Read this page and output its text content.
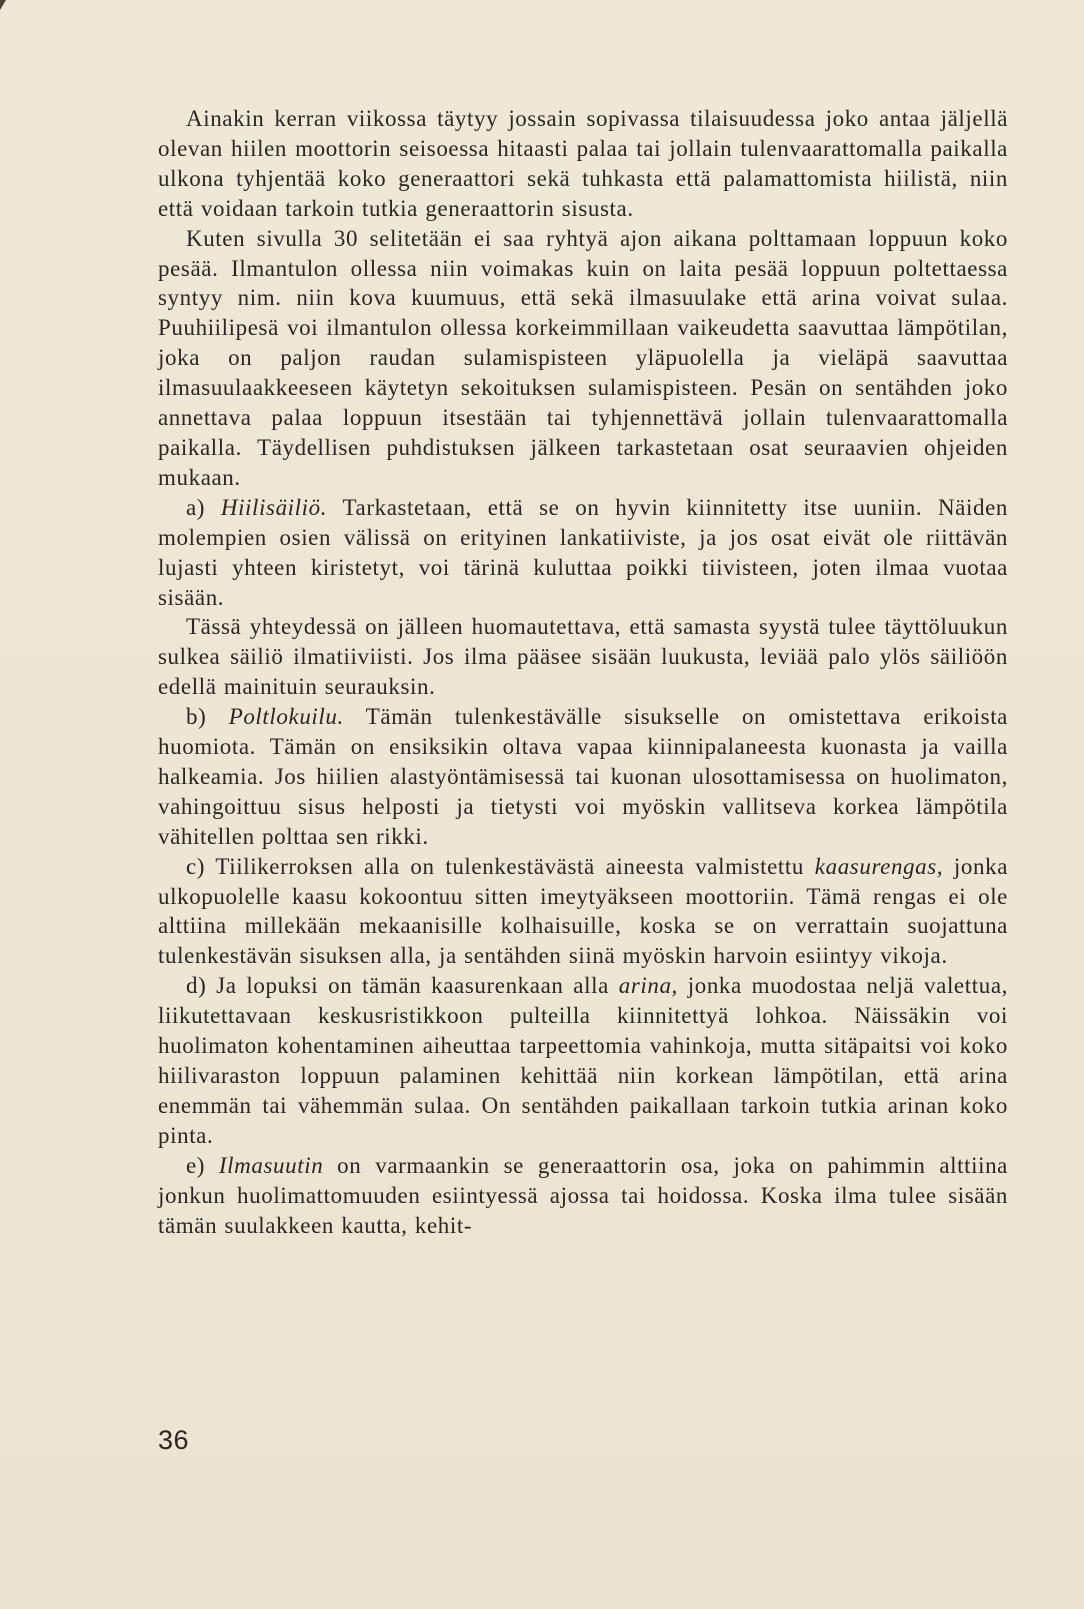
Ainakin kerran viikossa täytyy jossain sopivassa tilaisuudessa joko antaa jäljellä olevan hiilen moottorin seisoessa hitaasti palaa tai jollain tulenvaarattomalla paikalla ulkona tyhjentää koko generaattori sekä tuhkasta että palamattomista hiilistä, niin että voidaan tarkoin tutkia generaattorin sisusta.

Kuten sivulla 30 selitetään ei saa ryhtyä ajon aikana polttamaan loppuun koko pesää. Ilmantulon ollessa niin voimakas kuin on laita pesää loppuun poltettaessa syntyy nim. niin kova kuumuus, että sekä ilmasuulake että arina voivat sulaa. Puuhiilipesä voi ilmantulon ollessa korkeimmillaan vaikeudetta saavuttaa lämpötilan, joka on paljon raudan sulamispisteen yläpuolella ja vieläpä saavuttaa ilmasuulaakkeeseen käytetyn sekoituksen sulamispisteen. Pesän on sentähden joko annettava palaa loppuun itsestään tai tyhjennettävä jollain tulenvaarattomalla paikalla. Täydellisen puhdistuksen jälkeen tarkastetaan osat seuraavien ohjeiden mukaan.

a) Hiilisäiliö. Tarkastetaan, että se on hyvin kiinnitetty itse uuniin. Näiden molempien osien välissä on erityinen lankatiiviste, ja jos osat eivät ole riittävän lujasti yhteen kiristetyt, voi tärinä kuluttaa poikki tiivisteen, joten ilmaa vuotaa sisään.

Tässä yhteydessä on jälleen huomautettava, että samasta syystä tulee täyttöluukun sulkea säiliö ilmatiiviisti. Jos ilma pääsee sisään luukusta, leviää palo ylös säiliöön edellä mainituin seurauksin.

b) Poltlokuilu. Tämän tulenkestävälle sisukselle on omistettava erikoista huomiota. Tämän on ensiksikin oltava vapaa kiinnipalaneesta kuonasta ja vailla halkeamia. Jos hiilien alastyöntämisessä tai kuonan ulosottamisessa on huolimaton, vahingoittuu sisus helposti ja tietysti voi myöskin vallitseva korkea lämpötila vähitellen polttaa sen rikki.

c) Tiilikerroksen alla on tulenkestävästä aineesta valmistettu kaasurengas, jonka ulkopuolelle kaasu kokoontuu sitten imeytyäkseen moottoriin. Tämä rengas ei ole alttiina millekään mekaanisille kolhaisuille, koska se on verrattain suojattuna tulenkestävän sisuksen alla, ja sentähden siinä myöskin harvoin esiintyy vikoja.

d) Ja lopuksi on tämän kaasurenkaan alla arina, jonka muodostaa neljä valettua, liikutettavaan keskusristikkoon pulteilla kiinnitettyä lohkoa. Näissäkin voi huolimaton kohentaminen aiheuttaa tarpeettomia vahinkoja, mutta sitäpaitsi voi koko hiilivaraston loppuun palaminen kehittää niin korkean lämpötilan, että arina enemmän tai vähemmän sulaa. On sentähden paikallaan tarkoin tutkia arinan koko pinta.

e) Ilmasuutin on varmaankin se generaattorin osa, joka on pahimmin alttiina jonkun huolimattomuuden esiintyessä ajossa tai hoidossa. Koska ilma tulee sisään tämän suulakkeen kautta, kehit-

36
